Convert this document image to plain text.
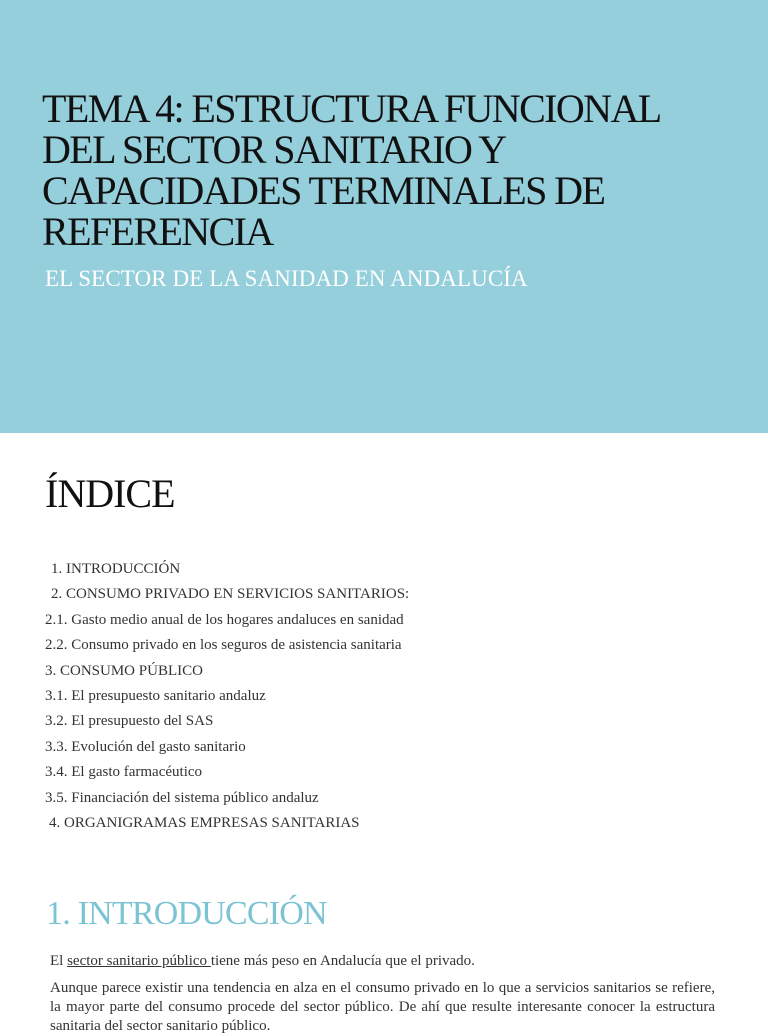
TEMA 4: ESTRUCTURA FUNCIONAL
DEL SECTOR SANITARIO Y
CAPACIDADES TERMINALES DE
REFERENCIA

EL SECTOR DE LA SANIDAD EN ANDALUCÍA

ÍNDICE
1. INTRODUCCIÓN
2. CONSUMO PRIVADO EN SERVICIOS SANITARIOS:
2.1. Gasto medio anual de los hogares andaluces en sanidad
2.2. Consumo privado en los seguros de asistencia sanitaria
3. CONSUMO PÚBLICO
3.1. El presupuesto sanitario andaluz
3.2. El presupuesto del SAS
3.3. Evolución del gasto sanitario
3.4. El gasto farmacéutico
3.5. Financiación del sistema público andaluz
4. ORGANIGRAMAS EMPRESAS SANITARIAS
1. INTRODUCCIÓN

El sector sanitario público tiene más peso en Andalucía que el privado.

Aunque parece existir una tendencia en alza en el consumo privado en lo que a servicios sanitarios se refiere, la mayor parte del consumo procede del sector público. De ahí que resulte interesante conocer la estructura sanitaria del sector sanitario público.
